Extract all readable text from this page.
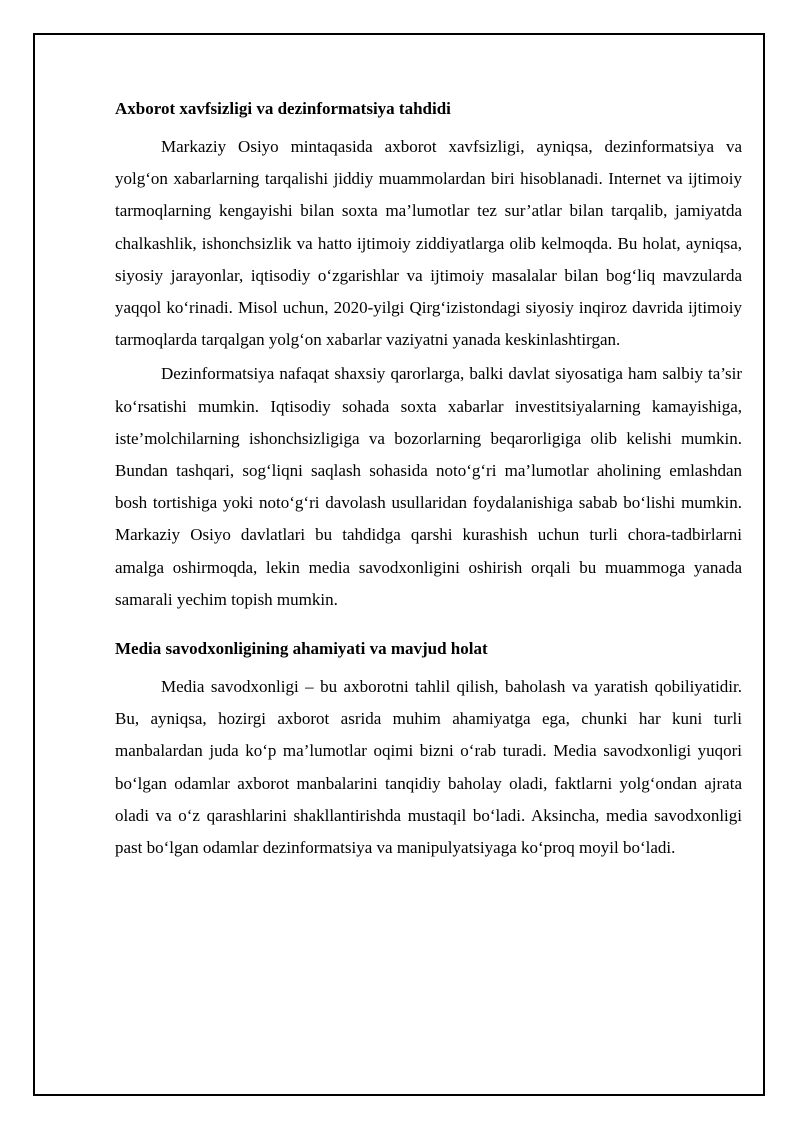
Axborot xavfsizligi va dezinformatsiya tahdidi

Markaziy Osiyo mintaqasida axborot xavfsizligi, ayniqsa, dezinformatsiya va yolg‘on xabarlarning tarqalishi jiddiy muammolardan biri hisoblanadi. Internet va ijtimoiy tarmoqlarning kengayishi bilan soxta ma’lumotlar tez sur’atlar bilan tarqalib, jamiyatda chalkashlik, ishonchsizlik va hatto ijtimoiy ziddiyatlarga olib kelmoqda. Bu holat, ayniqsa, siyosiy jarayonlar, iqtisodiy o‘zgarishlar va ijtimoiy masalalar bilan bog‘liq mavzularda yaqqol ko‘rinadi. Misol uchun, 2020-yilgi Qirg‘izistondagi siyosiy inqiroz davrida ijtimoiy tarmoqlarda tarqalgan yolg‘on xabarlar vaziyatni yanada keskinlashtirgan.

Dezinformatsiya nafaqat shaxsiy qarorlarga, balki davlat siyosatiga ham salbiy ta’sir ko‘rsatishi mumkin. Iqtisodiy sohada soxta xabarlar investitsiyalarning kamayishiga, iste’molchilarning ishonchsizligiga va bozorlarning beqarorligiga olib kelishi mumkin. Bundan tashqari, sog‘liqni saqlash sohasida noto‘g‘ri ma’lumotlar aholining emlashdan bosh tortishiga yoki noto‘g‘ri davolash usullaridan foydalanishiga sabab bo‘lishi mumkin. Markaziy Osiyo davlatlari bu tahdidga qarshi kurashish uchun turli chora-tadbirlarni amalga oshirmoqda, lekin media savodxonligini oshirish orqali bu muammoga yanada samarali yechim topish mumkin.

Media savodxonligining ahamiyati va mavjud holat

Media savodxonligi – bu axborotni tahlil qilish, baholash va yaratish qobiliyatidir. Bu, ayniqsa, hozirgi axborot asrida muhim ahamiyatga ega, chunki har kuni turli manbalardan juda ko‘p ma’lumotlar oqimi bizni o‘rab turadi. Media savodxonligi yuqori bo‘lgan odamlar axborot manbalarini tanqidiy baholay oladi, faktlarni yolg‘ondan ajrata oladi va o‘z qarashlarini shakllantirishda mustaqil bo‘ladi. Aksincha, media savodxonligi past bo‘lgan odamlar dezinformatsiya va manipulyatsiyaga ko‘proq moyil bo‘ladi.
